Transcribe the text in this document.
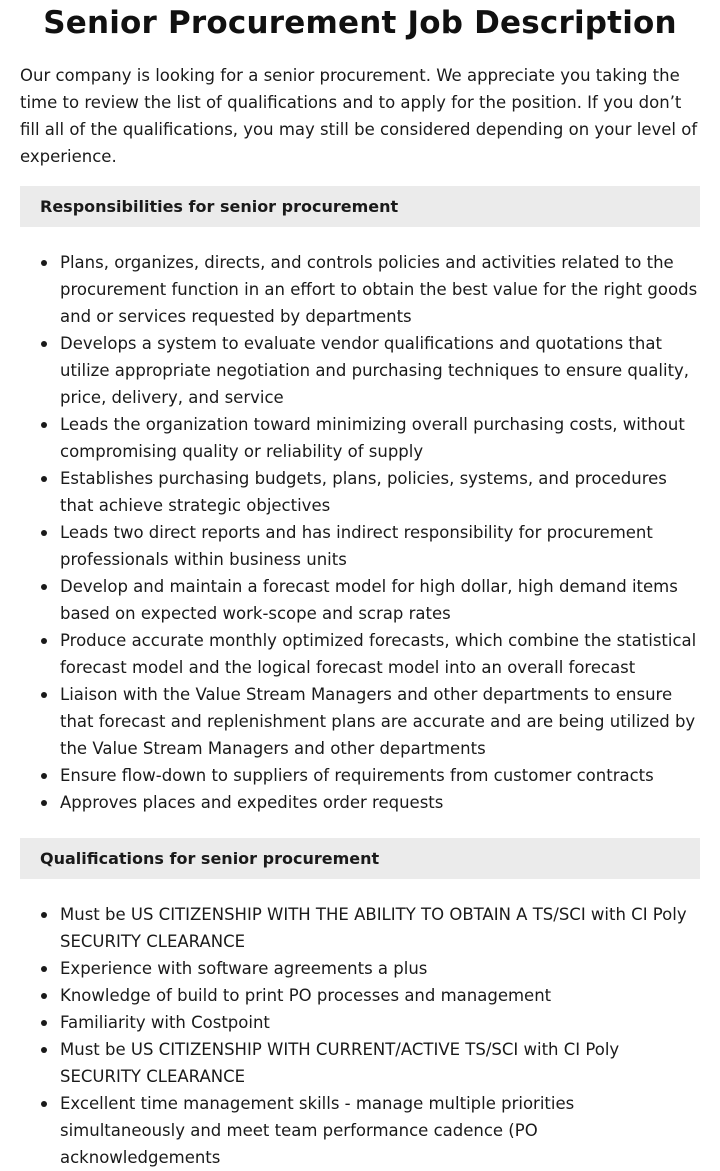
Senior Procurement Job Description

Our company is looking for a senior procurement. We appreciate you taking the time to review the list of qualifications and to apply for the position. If you don’t fill all of the qualifications, you may still be considered depending on your level of experience.

Responsibilities for senior procurement
Plans, organizes, directs, and controls policies and activities related to the procurement function in an effort to obtain the best value for the right goods and or services requested by departments
Develops a system to evaluate vendor qualifications and quotations that utilize appropriate negotiation and purchasing techniques to ensure quality, price, delivery, and service
Leads the organization toward minimizing overall purchasing costs, without compromising quality or reliability of supply
Establishes purchasing budgets, plans, policies, systems, and procedures that achieve strategic objectives
Leads two direct reports and has indirect responsibility for procurement professionals within business units
Develop and maintain a forecast model for high dollar, high demand items based on expected work-scope and scrap rates
Produce accurate monthly optimized forecasts, which combine the statistical forecast model and the logical forecast model into an overall forecast
Liaison with the Value Stream Managers and other departments to ensure that forecast and replenishment plans are accurate and are being utilized by the Value Stream Managers and other departments
Ensure flow-down to suppliers of requirements from customer contracts
Approves places and expedites order requests
Qualifications for senior procurement
Must be US CITIZENSHIP WITH THE ABILITY TO OBTAIN A TS/SCI with CI Poly SECURITY CLEARANCE
Experience with software agreements a plus
Knowledge of build to print PO processes and management
Familiarity with Costpoint
Must be US CITIZENSHIP WITH CURRENT/ACTIVE TS/SCI with CI Poly SECURITY CLEARANCE
Excellent time management skills - manage multiple priorities simultaneously and meet team performance cadence (PO acknowledgements
